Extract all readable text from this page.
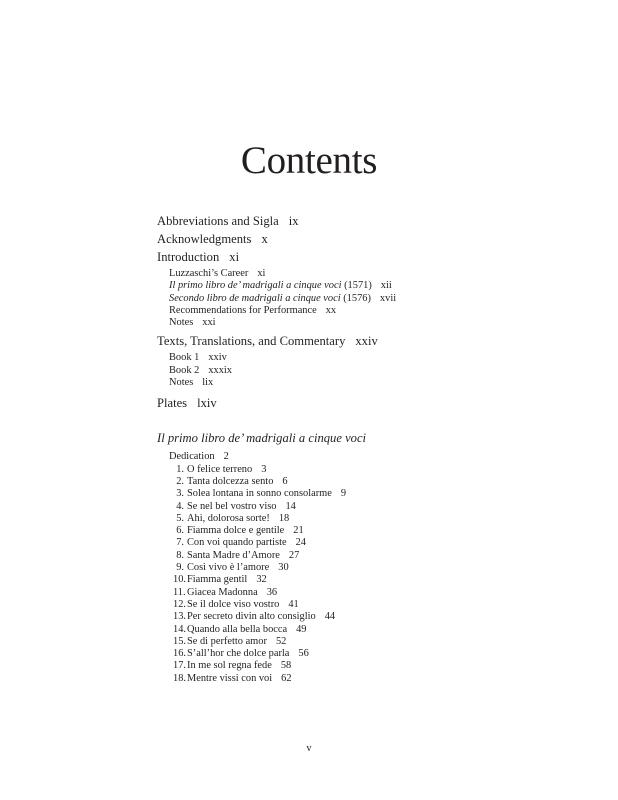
Contents
Abbreviations and Sigla ix
Acknowledgments x
Introduction xi
Luzzaschi’s Career xi
Il primo libro de’ madrigali a cinque voci (1571) xii
Secondo libro de madrigali a cinque voci (1576) xvii
Recommendations for Performance xx
Notes xxi
Texts, Translations, and Commentary xxiv
Book 1 xxiv
Book 2 xxxix
Notes lix
Plates lxiv
Il primo libro de’ madrigali a cinque voci
Dedication 2
1. O felice terreno 3
2. Tanta dolcezza sento 6
3. Solea lontana in sonno consolarme 9
4. Se nel bel vostro viso 14
5. Ahi, dolorosa sorte! 18
6. Fiamma dolce e gentile 21
7. Con voi quando partiste 24
8. Santa Madre d’Amore 27
9. Così vivo è l’amore 30
10.Fiamma gentil 32
11.Giacea Madonna 36
12.Se il dolce viso vostro 41
13.Per secreto divin alto consiglio 44
14.Quando alla bella bocca 49
15.Se di perfetto amor 52
16.S’all’hor che dolce parla 56
17.In me sol regna fede 58
18.Mentre vissi con voi 62
v
